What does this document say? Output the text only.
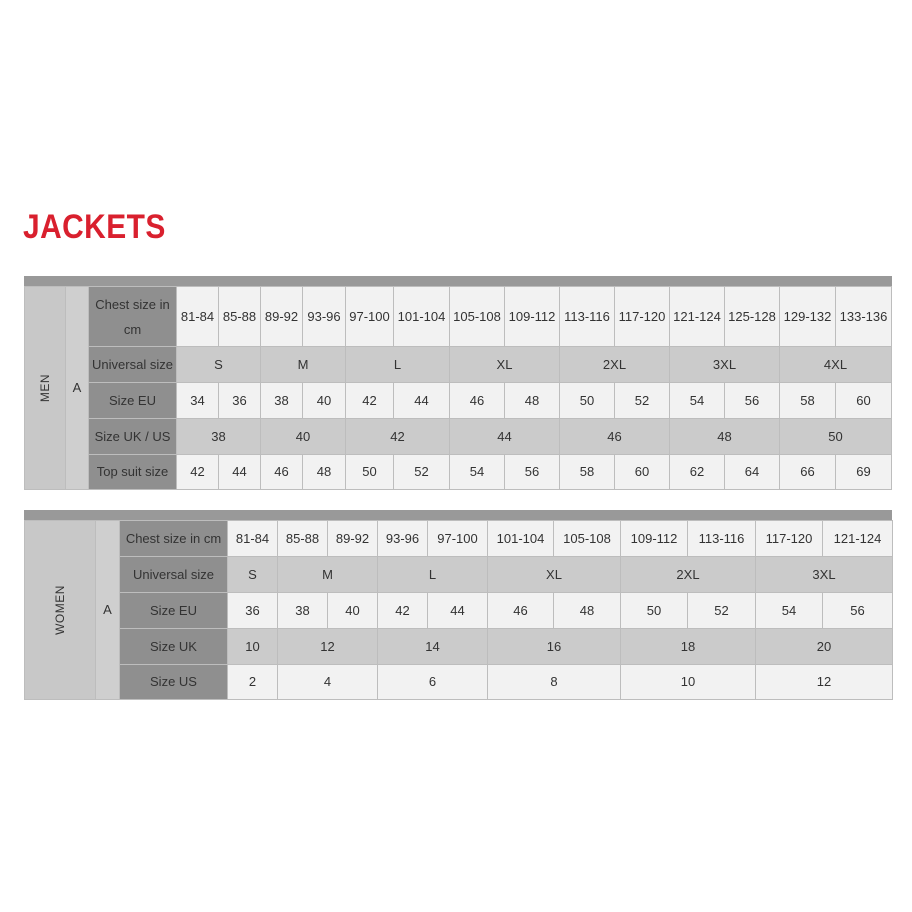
JACKETS
MEN	A	Chest size in cm	81-84	85-88	89-92	93-96	97-100	101-104	105-108	109-112	113-116	117-120	121-124	125-128	129-132	133-136
		Universal size	S		M		L		XL		2XL		3XL		4XL	
		Size EU	34	36	38	40	42	44	46	48	50	52	54	56	58	60
		Size UK / US	38		40		42		44		46		48		50	
		Top suit size	42	44	46	48	50	52	54	56	58	60	62	64	66	69
WOMEN	A	Chest size in cm	81-84	85-88	89-92	93-96	97-100	101-104	105-108	109-112	113-116	117-120	121-124
		Universal size	S	M		L		XL		2XL		3XL	
		Size EU	36	38	40	42	44	46	48	50	52	54	56
		Size UK	10	12		14		16		18		20	
		Size US	2	4		6		8		10		12	
